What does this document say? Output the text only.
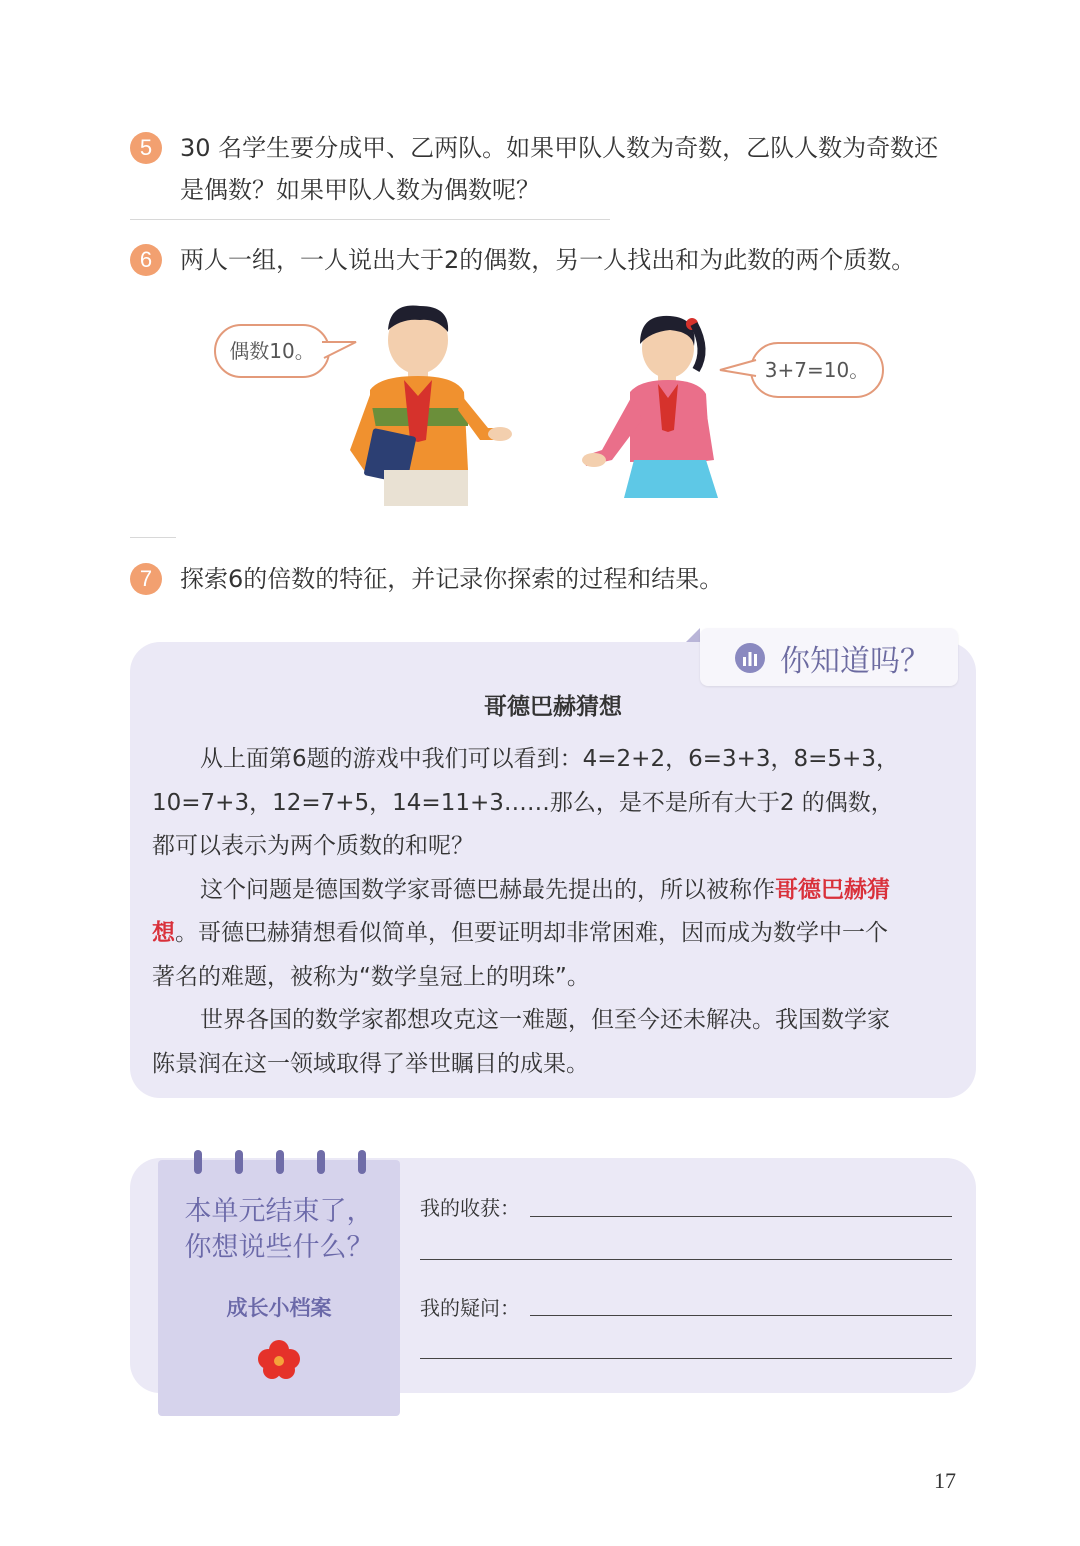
5	30 名学生要分成甲、乙两队。如果甲队人数为奇数，乙队人数为奇数还
是偶数？如果甲队人数为偶数呢？
6	两人一组，一人说出大于2的偶数，另一人找出和为此数的两个质数。
偶数10。
3+7=10。
7	探索6的倍数的特征，并记录你探索的过程和结果。
你知道吗？
哥德巴赫猜想

从上面第6题的游戏中我们可以看到：4=2+2，6=3+3，8=5+3，

10=7+3，12=7+5，14=11+3……那么，是不是所有大于2 的偶数，

都可以表示为两个质数的和呢？

这个问题是德国数学家哥德巴赫最先提出的，所以被称作哥德巴赫猜

想。哥德巴赫猜想看似简单，但要证明却非常困难，因而成为数学中一个

著名的难题，被称为“数学皇冠上的明珠”。

世界各国的数学家都想攻克这一难题，但至今还未解决。我国数学家

陈景润在这一领域取得了举世瞩目的成果。

本单元结束了，
你想说些什么？
成长小档案
我的收获：
我的疑问：
17
